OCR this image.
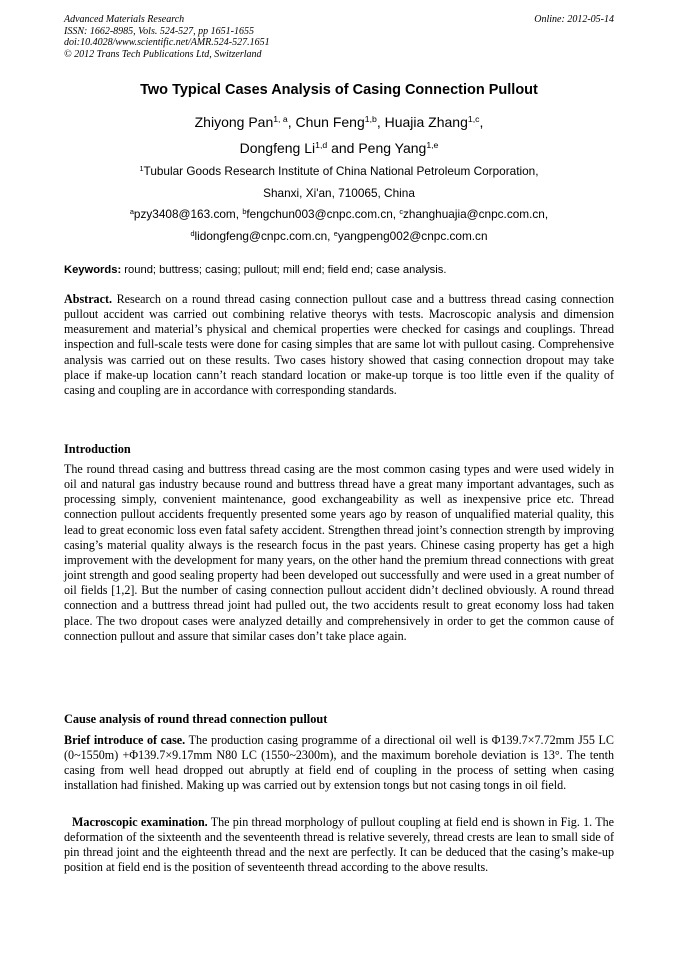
Advanced Materials Research
ISSN: 1662-8985, Vols. 524-527, pp 1651-1655
doi:10.4028/www.scientific.net/AMR.524-527.1651
© 2012 Trans Tech Publications Ltd, Switzerland
Online: 2012-05-14
Two Typical Cases Analysis of Casing Connection Pullout
Zhiyong Pan$^{1, a}$, Chun Feng$^{1,b}$, Huajia Zhang$^{1,c}$,
Dongfeng Li$^{1,d}$ and Peng Yang$^{1,e}$
$^1$Tubular Goods Research Institute of China National Petroleum Corporation,
Shanxi, Xi'an, 710065, China
$^a$pzy3408@163.com, $^b$fengchun003@cnpc.com.cn, $^c$zhanghuajia@cnpc.com.cn,
$^d$lidongfeng@cnpc.com.cn, $^e$yangpeng002@cnpc.com.cn
Keywords: round; buttress; casing; pullout; mill end; field end; case analysis.

Abstract. Research on a round thread casing connection pullout case and a buttress thread casing connection pullout accident was carried out combining relative theorys with tests. Macroscopic analysis and dimension measurement and material’s physical and chemical properties were checked for casings and couplings. Thread inspection and full-scale tests were done for casing simples that are same lot with pullout casing. Comprehensive analysis was carried out on these results. Two cases history showed that casing connection dropout may take place if make-up location cann’t reach standard location or make-up torque is too little even if the quality of casing and coupling are in accordance with corresponding standards.

Introduction

The round thread casing and buttress thread casing are the most common casing types and were used widely in oil and natural gas industry because round and buttress thread have a great many important advantages, such as processing simply, convenient maintenance, good exchangeability as well as inexpensive price etc. Thread connection pullout accidents frequently presented some years ago by reason of unqualified material quality, this lead to great economic loss even fatal safety accident. Strengthen thread joint’s connection strength by improving casing’s material quality always is the research focus in the past years. Chinese casing property has get a high improvement with the development for many years, on the other hand the premium thread connections with great joint strength and good sealing property had been developed out successfully and were used in a great number of oil fields [1,2]. But the number of casing connection pullout accident didn’t declined obviously. A round thread connection and a buttress thread joint had pulled out, the two accidents result to great economy loss had taken place. The two dropout cases were analyzed detailly and comprehensively in order to get the common cause of connection pullout and assure that similar cases don’t take place again.

Cause analysis of round thread connection pullout

Brief introduce of case. The production casing programme of a directional oil well is Φ139.7×7.72mm J55 LC (0~1550m) +Φ139.7×9.17mm N80 LC (1550~2300m), and the maximum borehole deviation is 13°. The tenth casing from well head dropped out abruptly at field end of coupling in the process of setting when casing installation had finished. Making up was carried out by extension tongs but not casing tongs in oil field.

Macroscopic examination. The pin thread morphology of pullout coupling at field end is shown in Fig. 1. The deformation of the sixteenth and the seventeenth thread is relative severely, thread crests are lean to small side of pin thread joint and the eighteenth thread and the next are perfectly. It can be deduced that the casing’s make-up position at field end is the position of seventeenth thread according to the above results.
